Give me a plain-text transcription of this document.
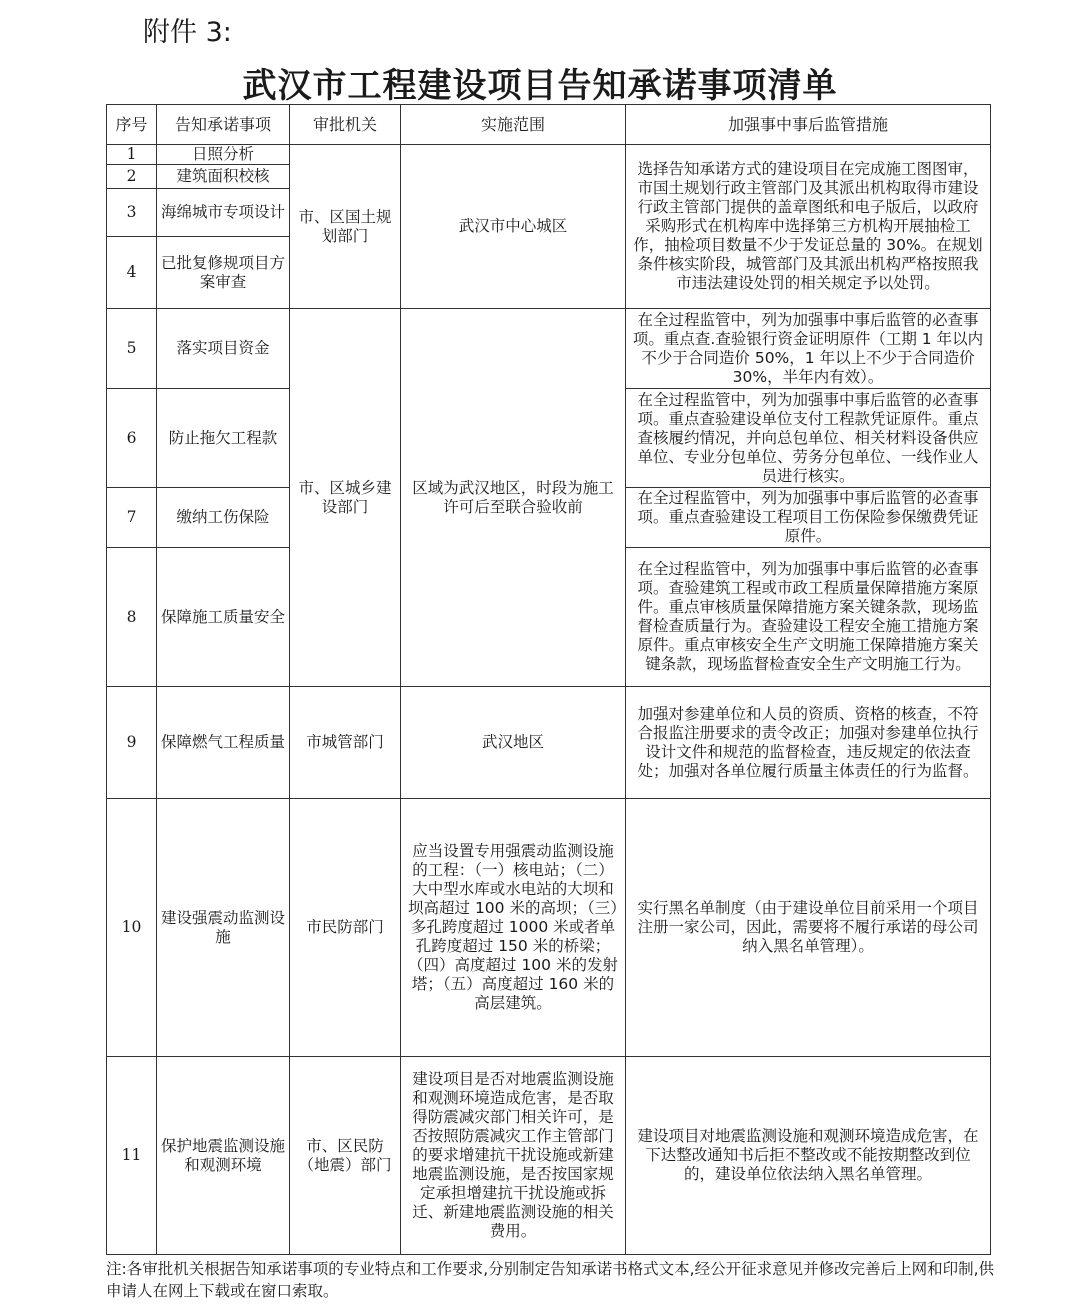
附件 3:
武汉市工程建设项目告知承诺事项清单
序号	告知承诺事项	审批机关	实施范围	加强事中事后监管措施
1	日照分析	市、区国土规划部门	武汉市中心城区	选择告知承诺方式的建设项目在完成施工图图审，市国土规划行政主管部门及其派出机构取得市建设行政主管部门提供的盖章图纸和电子版后，以政府采购形式在机构库中选择第三方机构开展抽检工作，抽检项目数量不少于发证总量的 30%。在规划条件核实阶段，城管部门及其派出机构严格按照我市违法建设处罚的相关规定予以处罚。
2	建筑面积校核			
3	海绵城市专项设计			
4	已批复修规项目方案审查			
5	落实项目资金	市、区城乡建设部门	区域为武汉地区，时段为施工许可后至联合验收前	在全过程监管中，列为加强事中事后监管的必查事项。重点查.查验银行资金证明原件（工期 1 年以内不少于合同造价 50%，1 年以上不少于合同造价 30%，半年内有效）。
6	防止拖欠工程款			在全过程监管中，列为加强事中事后监管的必查事项。重点查验建设单位支付工程款凭证原件。重点查核履约情况，并向总包单位、相关材料设备供应单位、专业分包单位、劳务分包单位、一线作业人员进行核实。
7	缴纳工伤保险			在全过程监管中，列为加强事中事后监管的必查事项。重点查验建设工程项目工伤保险参保缴费凭证原件。
8	保障施工质量安全			在全过程监管中，列为加强事中事后监管的必查事项。查验建筑工程或市政工程质量保障措施方案原件。重点审核质量保障措施方案关键条款，现场监督检查质量行为。查验建设工程安全施工措施方案原件。重点审核安全生产文明施工保障措施方案关键条款，现场监督检查安全生产文明施工行为。
9	保障燃气工程质量	市城管部门	武汉地区	加强对参建单位和人员的资质、资格的核查，不符合报监注册要求的责令改正；加强对参建单位执行设计文件和规范的监督检查，违反规定的依法查处；加强对各单位履行质量主体责任的行为监督。
10	建设强震动监测设施	市民防部门	应当设置专用强震动监测设施的工程：（一）核电站；（二）大中型水库或水电站的大坝和坝高超过 100 米的高坝；（三）多孔跨度超过 1000 米或者单孔跨度超过 150 米的桥梁；（四）高度超过 100 米的发射塔；（五）高度超过 160 米的高层建筑。	实行黑名单制度（由于建设单位目前采用一个项目注册一家公司，因此，需要将不履行承诺的母公司纳入黑名单管理）。
11	保护地震监测设施和观测环境	市、区民防（地震）部门	建设项目是否对地震监测设施和观测环境造成危害，是否取得防震减灾部门相关许可，是否按照防震减灾工作主管部门的要求增建抗干扰设施或新建地震监测设施，是否按国家规定承担增建抗干扰设施或拆迁、新建地震监测设施的相关费用。	建设项目对地震监测设施和观测环境造成危害，在下达整改通知书后拒不整改或不能按期整改到位的，建设单位依法纳入黑名单管理。
注:各审批机关根据告知承诺事项的专业特点和工作要求,分别制定告知承诺书格式文本,经公开征求意见并修改完善后上网和印制,供申请人在网上下载或在窗口索取。
